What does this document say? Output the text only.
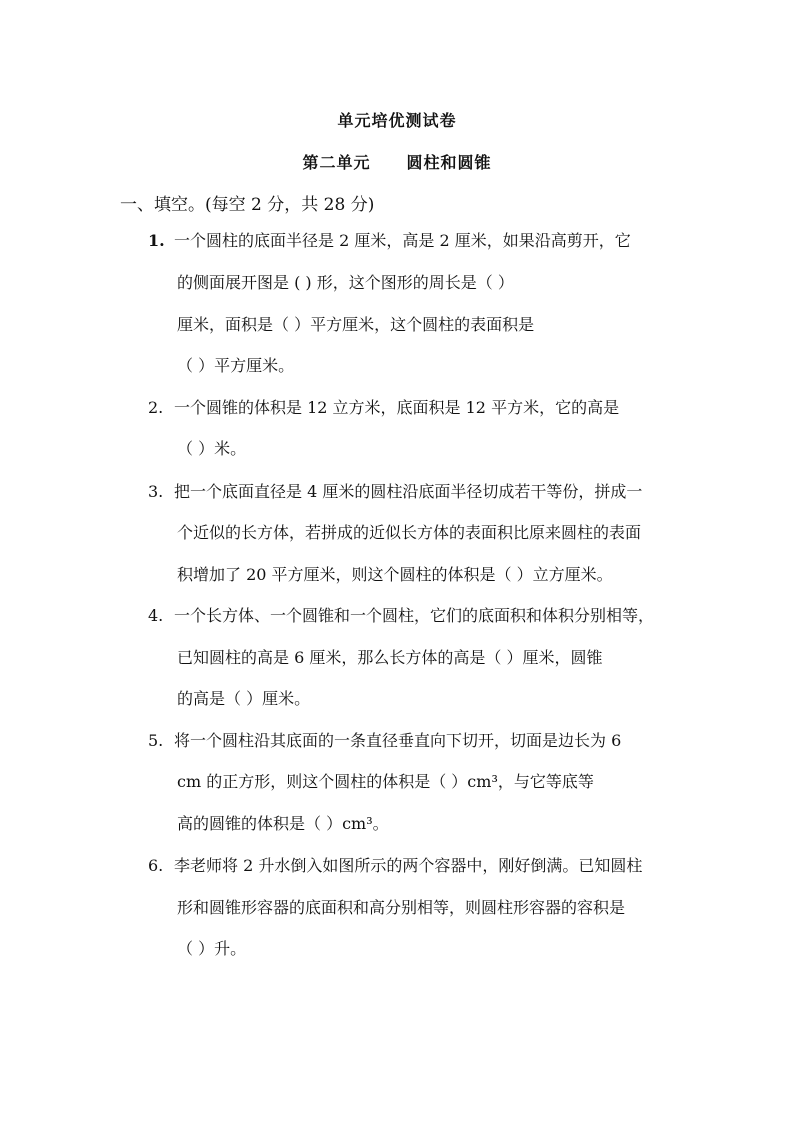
单元培优测试卷
第二单元 圆柱和圆锥
一、填空。(每空 2 分，共 28 分)
1. 一个圆柱的底面半径是 2 厘米，高是 2 厘米，如果沿高剪开，它
的侧面展开图是 ( ) 形，这个图形的周长是（ ）
厘米，面积是（ ）平方厘米，这个圆柱的表面积是
（ ）平方厘米。
2. 一个圆锥的体积是 12 立方米，底面积是 12 平方米，它的高是
（ ）米。
3. 把一个底面直径是 4 厘米的圆柱沿底面半径切成若干等份，拼成一
个近似的长方体，若拼成的近似长方体的表面积比原来圆柱的表面
积增加了 20 平方厘米，则这个圆柱的体积是（ ）立方厘米。
4. 一个长方体、一个圆锥和一个圆柱，它们的底面积和体积分别相等，
已知圆柱的高是 6 厘米，那么长方体的高是（ ）厘米，圆锥
的高是（ ）厘米。
5. 将一个圆柱沿其底面的一条直径垂直向下切开，切面是边长为 6
cm 的正方形，则这个圆柱的体积是（ ）cm³，与它等底等
高的圆锥的体积是（ ）cm³。
6. 李老师将 2 升水倒入如图所示的两个容器中，刚好倒满。已知圆柱
形和圆锥形容器的底面积和高分别相等，则圆柱形容器的容积是
（ ）升。
